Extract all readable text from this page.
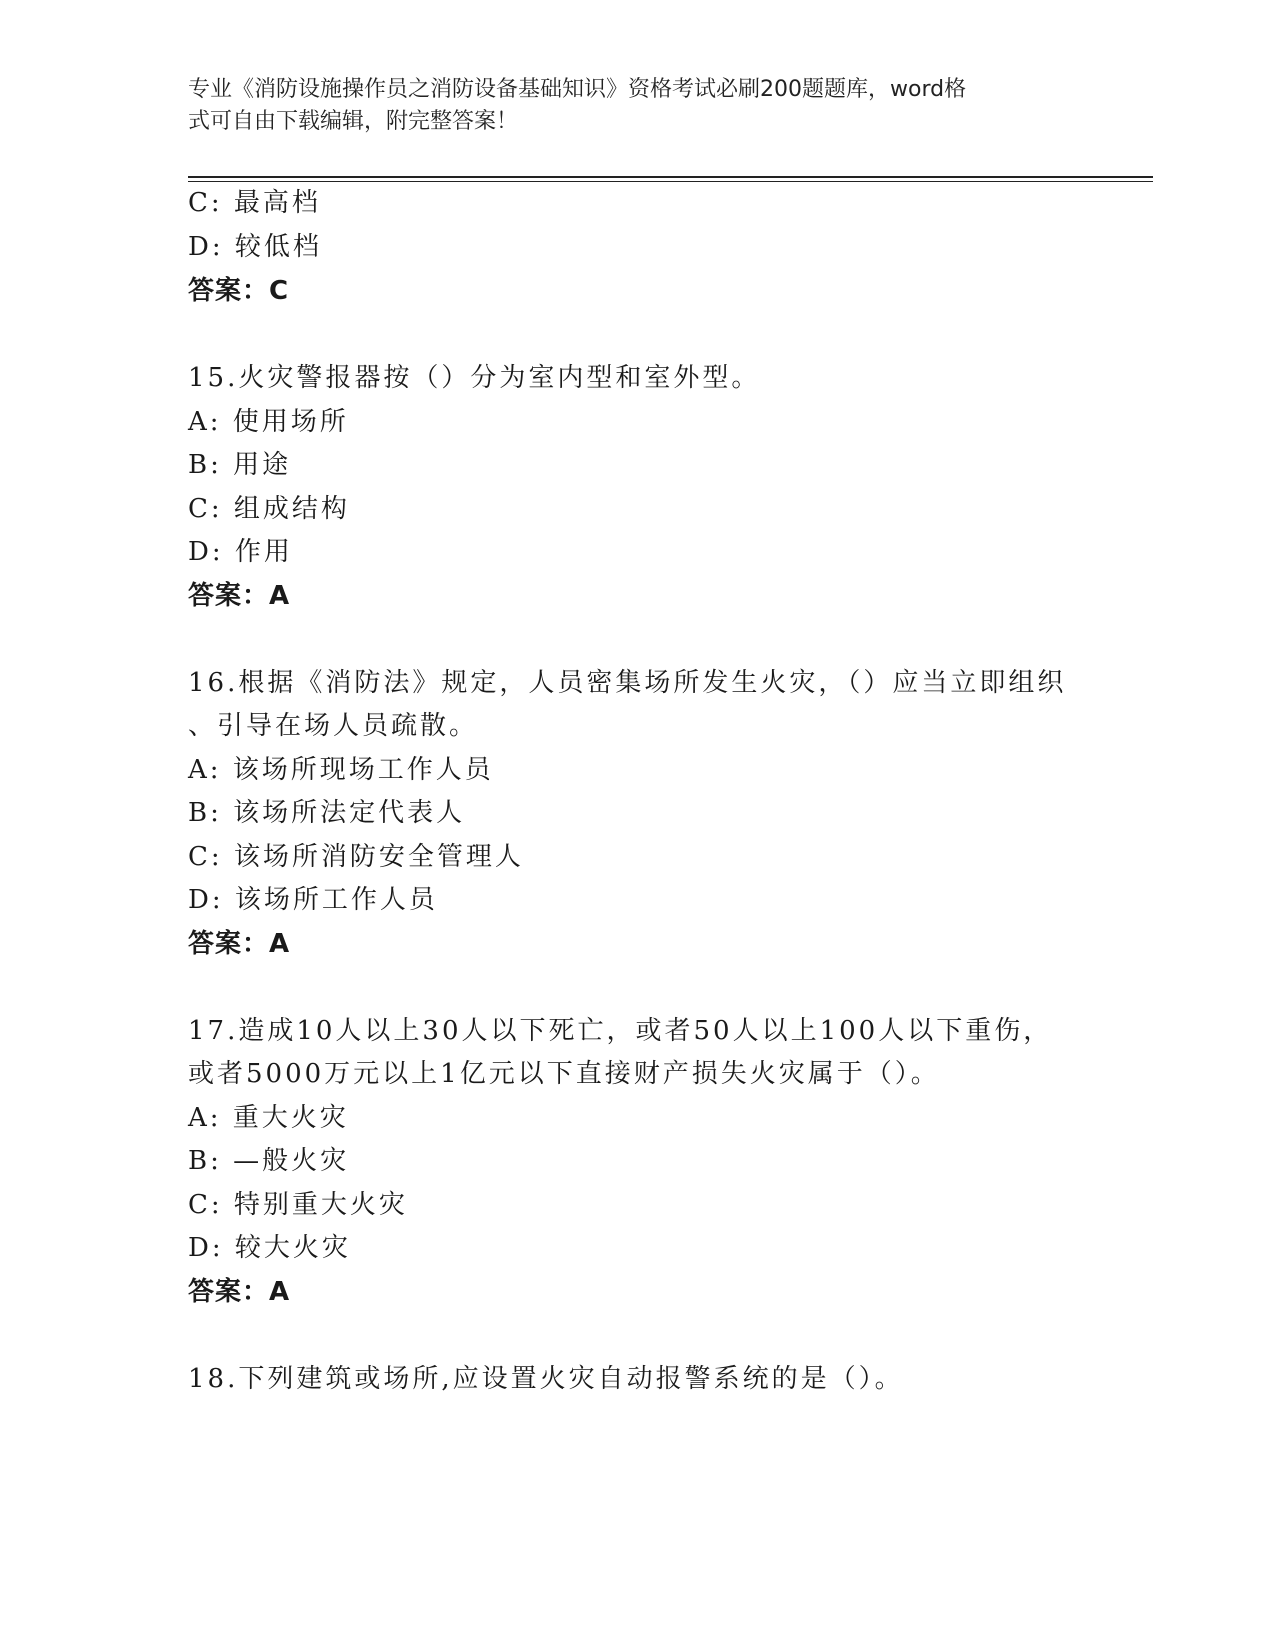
专业《消防设施操作员之消防设备基础知识》资格考试必刷200题题库，word格
式可自由下载编辑，附完整答案！
C: 最高档
D: 较低档
答案：C
15.火灾警报器按（）分为室内型和室外型。
A: 使用场所
B: 用途
C: 组成结构
D: 作用
答案：A
16.根据《消防法》规定，人员密集场所发生火灾，（）应当立即组织
、引导在场人员疏散。
A: 该场所现场工作人员
B: 该场所法定代表人
C: 该场所消防安全管理人
D: 该场所工作人员
答案：A
17.造成10人以上30人以下死亡，或者50人以上100人以下重伤，
或者5000万元以上1亿元以下直接财产损失火灾属于（）。
A: 重大火灾
B: —般火灾
C: 特别重大火灾
D: 较大火灾
答案：A
18.下列建筑或场所,应设置火灾自动报警系统的是（）。
